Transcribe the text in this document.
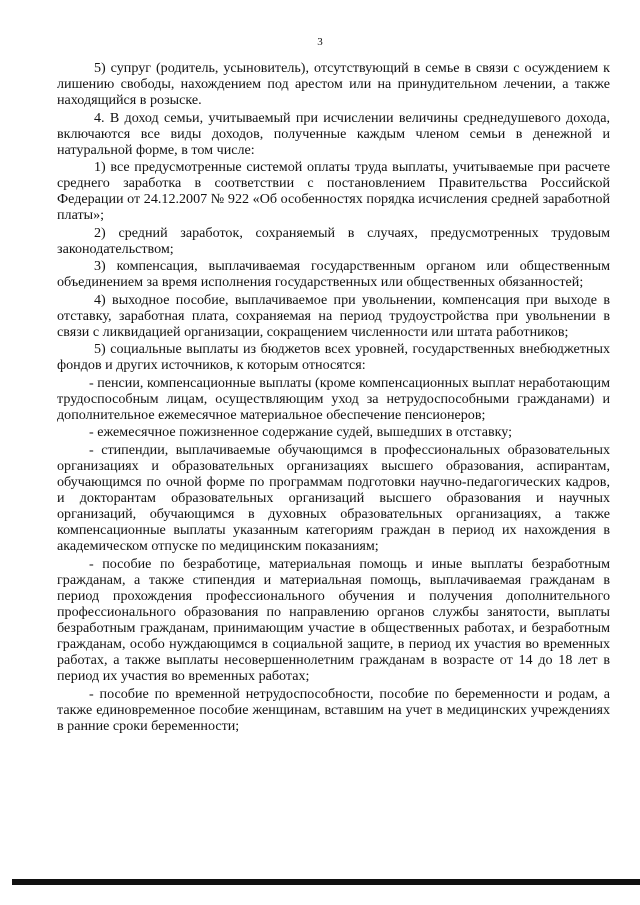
3

5) супруг (родитель, усыновитель), отсутствующий в семье в связи с осуждением к лишению свободы, нахождением под арестом или на принудительном лечении, а также находящийся в розыске.

4. В доход семьи, учитываемый при исчислении величины среднедушевого дохода, включаются все виды доходов, полученные каждым членом семьи в денежной и натуральной форме, в том числе:

1) все предусмотренные системой оплаты труда выплаты, учитываемые при расчете среднего заработка в соответствии с постановлением Правительства Российской Федерации от 24.12.2007 № 922 «Об особенностях порядка исчисления средней заработной платы»;

2) средний заработок, сохраняемый в случаях, предусмотренных трудовым законодательством;

3) компенсация, выплачиваемая государственным органом или общественным объединением за время исполнения государственных или общественных обязанностей;

4) выходное пособие, выплачиваемое при увольнении, компенсация при выходе в отставку, заработная плата, сохраняемая на период трудоустройства при увольнении в связи с ликвидацией организации, сокращением численности или штата работников;

5) социальные выплаты из бюджетов всех уровней, государственных внебюджетных фондов и других источников, к которым относятся:

- пенсии, компенсационные выплаты (кроме компенсационных выплат неработающим трудоспособным лицам, осуществляющим уход за нетрудоспособными гражданами) и дополнительное ежемесячное материальное обеспечение пенсионеров;

- ежемесячное пожизненное содержание судей, вышедших в отставку;

- стипендии, выплачиваемые обучающимся в профессиональных образовательных организациях и образовательных организациях высшего образования, аспирантам, обучающимся по очной форме по программам подготовки научно-педагогических кадров, и докторантам образовательных организаций высшего образования и научных организаций, обучающимся в духовных образовательных организациях, а также компенсационные выплаты указанным категориям граждан в период их нахождения в академическом отпуске по медицинским показаниям;

- пособие по безработице, материальная помощь и иные выплаты безработным гражданам, а также стипендия и материальная помощь, выплачиваемая гражданам в период прохождения профессионального обучения и получения дополнительного профессионального образования по направлению органов службы занятости, выплаты безработным гражданам, принимающим участие в общественных работах, и безработным гражданам, особо нуждающимся в социальной защите, в период их участия во временных работах, а также выплаты несовершеннолетним гражданам в возрасте от 14 до 18 лет в период их участия во временных работах;

- пособие по временной нетрудоспособности, пособие по беременности и родам, а также единовременное пособие женщинам, вставшим на учет в медицинских учреждениях в ранние сроки беременности;
